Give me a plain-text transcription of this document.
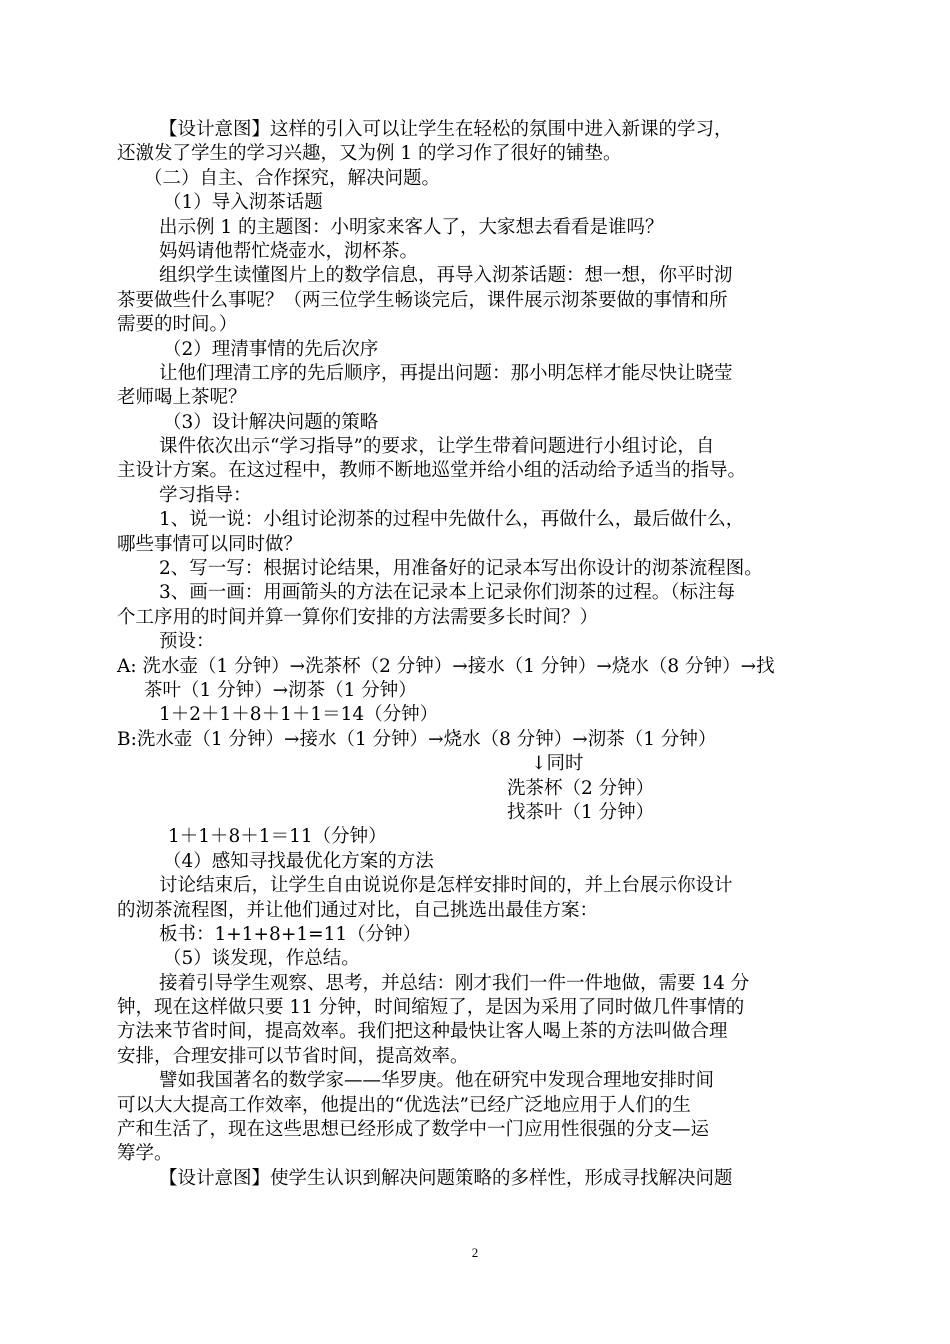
【设计意图】这样的引入可以让学生在轻松的氛围中进入新课的学习，
还激发了学生的学习兴趣，又为例 1 的学习作了很好的铺垫。
（二）自主、合作探究，解决问题。
（1）导入沏茶话题
出示例 1 的主题图：小明家来客人了，大家想去看看是谁吗？
妈妈请他帮忙烧壶水，沏杯茶。
组织学生读懂图片上的数学信息，再导入沏茶话题：想一想，你平时沏
茶要做些什么事呢？（两三位学生畅谈完后，课件展示沏茶要做的事情和所
需要的时间。）
（2）理清事情的先后次序
让他们理清工序的先后顺序，再提出问题：那小明怎样才能尽快让晓莹
老师喝上茶呢？
（3）设计解决问题的策略
课件依次出示“学习指导”的要求，让学生带着问题进行小组讨论，自
主设计方案。在这过程中，教师不断地巡堂并给小组的活动给予适当的指导。
学习指导：
1、说一说：小组讨论沏茶的过程中先做什么，再做什么，最后做什么，
哪些事情可以同时做？
2、写一写：根据讨论结果，用准备好的记录本写出你设计的沏茶流程图。
3、画一画：用画箭头的方法在记录本上记录你们沏茶的过程。（标注每
个工序用的时间并算一算你们安排的方法需要多长时间？）
预设：
A: 洗水壶（1 分钟）→洗茶杯（2 分钟）→接水（1 分钟）→烧水（8 分钟）→找
茶叶（1 分钟）→沏茶（1 分钟）
1＋2＋1＋8＋1＋1＝14（分钟）
B:洗水壶（1 分钟）→接水（1 分钟）→烧水（8 分钟）→沏茶（1 分钟）
↓同时
洗茶杯（2 分钟）
找茶叶（1 分钟）
1＋1＋8＋1＝11（分钟）
（4）感知寻找最优化方案的方法
讨论结束后，让学生自由说说你是怎样安排时间的，并上台展示你设计
的沏茶流程图，并让他们通过对比，自己挑选出最佳方案：
板书：1+1+8+1=11（分钟）
（5）谈发现，作总结。
接着引导学生观察、思考，并总结：刚才我们一件一件地做，需要 14 分
钟，现在这样做只要 11 分钟，时间缩短了，是因为采用了同时做几件事情的
方法来节省时间，提高效率。我们把这种最快让客人喝上茶的方法叫做合理
安排，合理安排可以节省时间，提高效率。
譬如我国著名的数学家——华罗庚。他在研究中发现合理地安排时间
可以大大提高工作效率，他提出的“优选法”已经广泛地应用于人们的生
产和生活了，现在这些思想已经形成了数学中一门应用性很强的分支—运
筹学。
【设计意图】使学生认识到解决问题策略的多样性，形成寻找解决问题
2
